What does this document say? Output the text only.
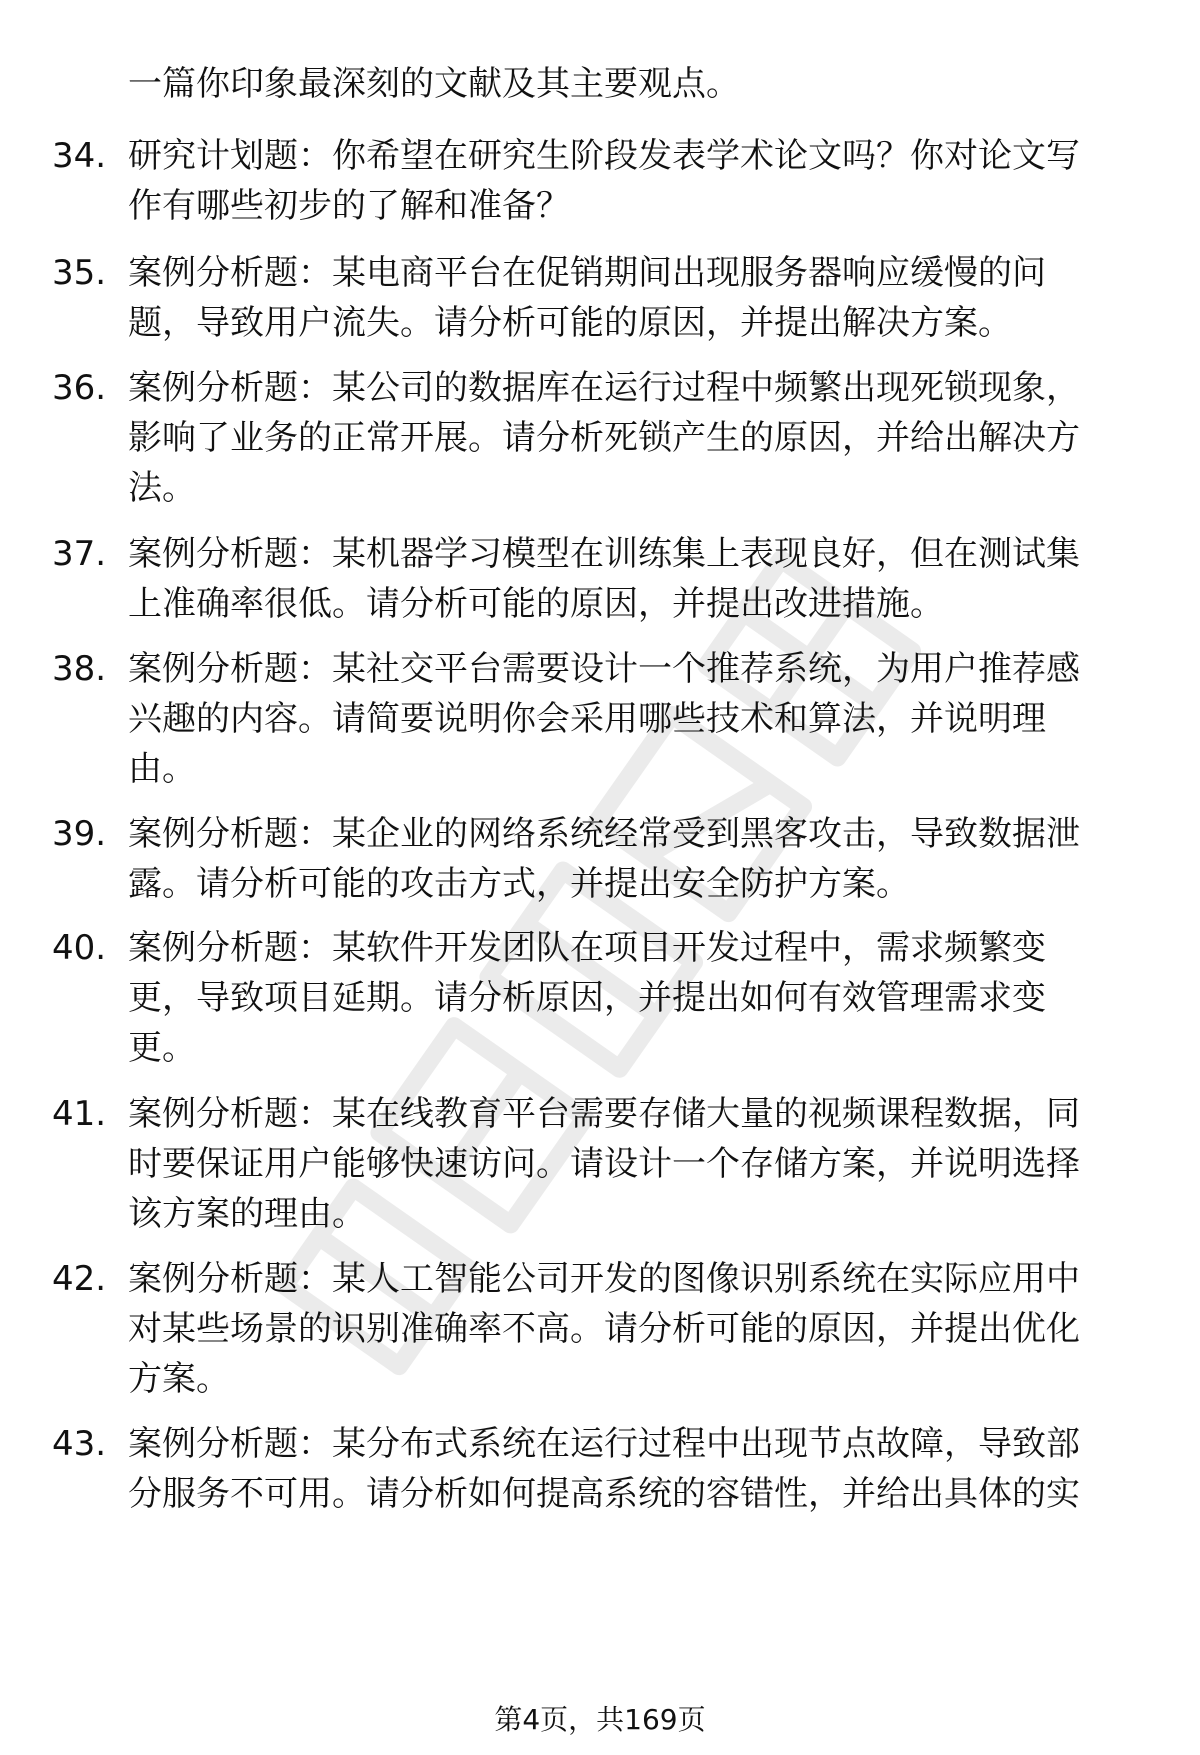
一篇你印象最深刻的文献及其主要观点。
34. 研究计划题：你希望在研究生阶段发表学术论文吗？你对论文写
作有哪些初步的了解和准备？
35. 案例分析题：某电商平台在促销期间出现服务器响应缓慢的问
题，导致用户流失。请分析可能的原因，并提出解决方案。
36. 案例分析题：某公司的数据库在运行过程中频繁出现死锁现象，
影响了业务的正常开展。请分析死锁产生的原因，并给出解决方
法。
37. 案例分析题：某机器学习模型在训练集上表现良好，但在测试集
上准确率很低。请分析可能的原因，并提出改进措施。
38. 案例分析题：某社交平台需要设计一个推荐系统，为用户推荐感
兴趣的内容。请简要说明你会采用哪些技术和算法，并说明理
由。
39. 案例分析题：某企业的网络系统经常受到黑客攻击，导致数据泄
露。请分析可能的攻击方式，并提出安全防护方案。
40. 案例分析题：某软件开发团队在项目开发过程中，需求频繁变
更，导致项目延期。请分析原因，并提出如何有效管理需求变
更。
41. 案例分析题：某在线教育平台需要存储大量的视频课程数据，同
时要保证用户能够快速访问。请设计一个存储方案，并说明选择
该方案的理由。
42. 案例分析题：某人工智能公司开发的图像识别系统在实际应用中
对某些场景的识别准确率不高。请分析可能的原因，并提出优化
方案。
43. 案例分析题：某分布式系统在运行过程中出现节点故障，导致部
分服务不可用。请分析如何提高系统的容错性，并给出具体的实
第4页，共169页
